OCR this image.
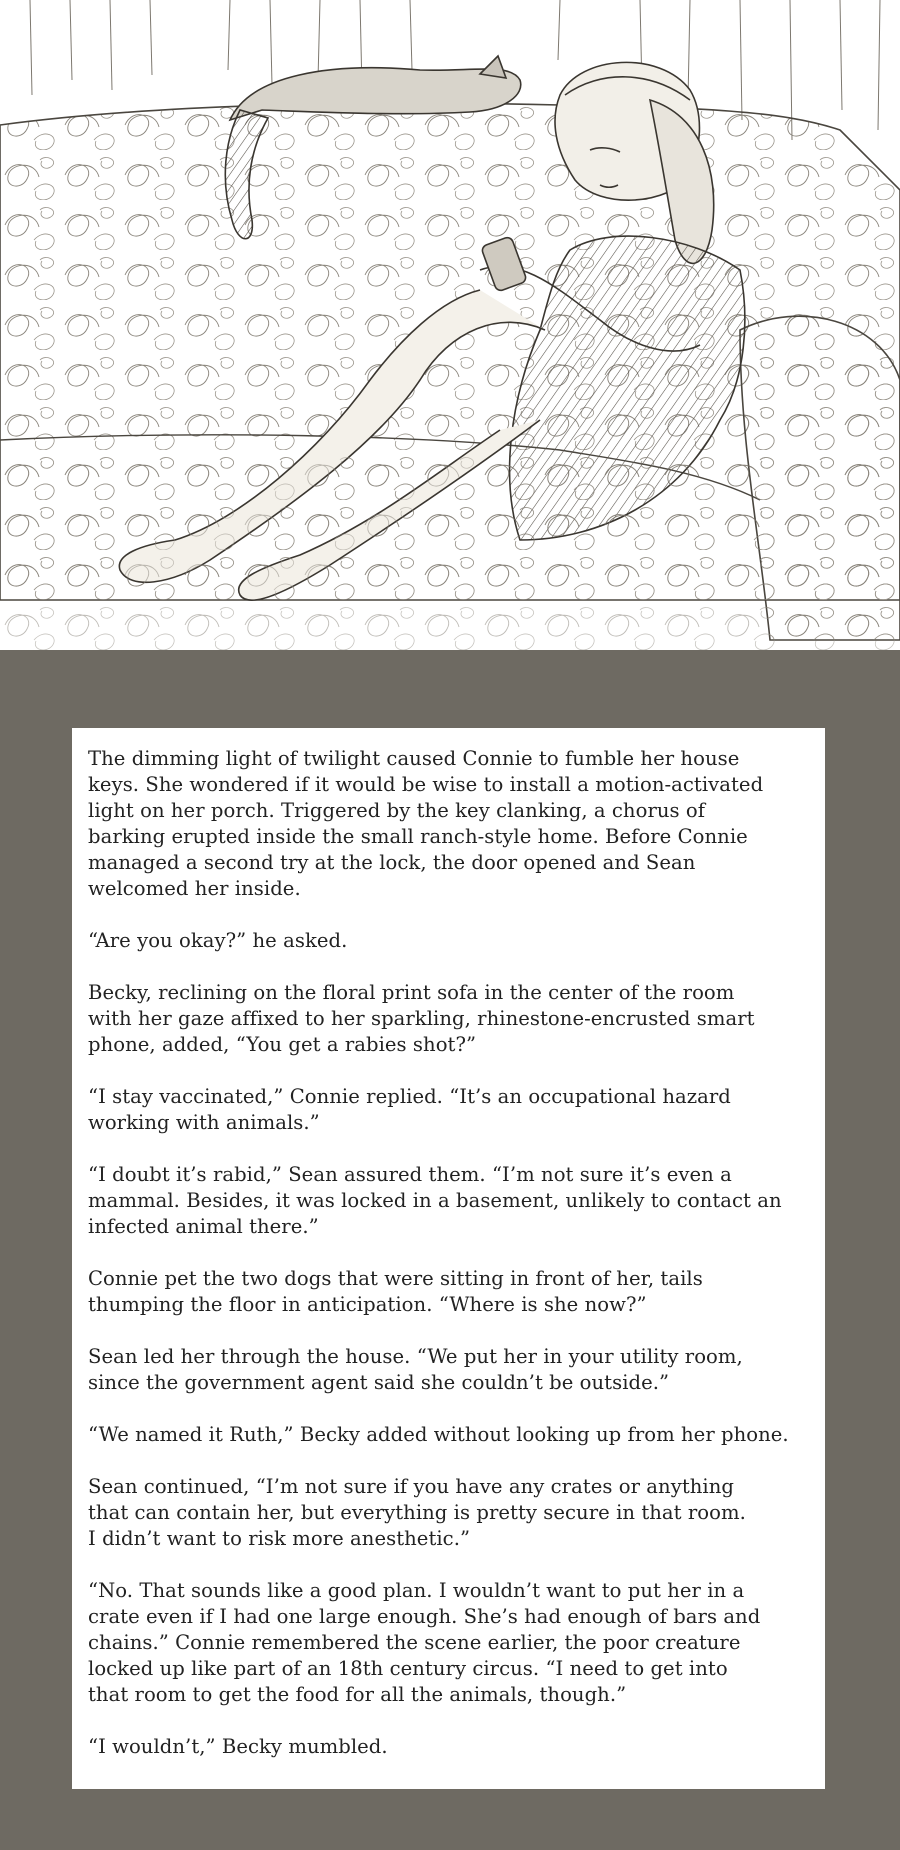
The dimming light of twilight caused Connie to fumble her house
keys. She wondered if it would be wise to install a motion-activated
light on her porch. Triggered by the key clanking, a chorus of
barking erupted inside the small ranch-style home. Before Connie
managed a second try at the lock, the door opened and Sean
welcomed her inside.

“Are you okay?” he asked.

Becky, reclining on the floral print sofa in the center of the room
with her gaze affixed to her sparkling, rhinestone-encrusted smart
phone, added, “You get a rabies shot?”

“I stay vaccinated,” Connie replied. “It’s an occupational hazard
working with animals.”

“I doubt it’s rabid,” Sean assured them. “I’m not sure it’s even a
mammal. Besides, it was locked in a basement, unlikely to contact an
infected animal there.”

Connie pet the two dogs that were sitting in front of her, tails
thumping the floor in anticipation. “Where is she now?”

Sean led her through the house. “We put her in your utility room,
since the government agent said she couldn’t be outside.”

“We named it Ruth,” Becky added without looking up from her phone.

Sean continued, “I’m not sure if you have any crates or anything
that can contain her, but everything is pretty secure in that room.
I didn’t want to risk more anesthetic.”

“No. That sounds like a good plan. I wouldn’t want to put her in a
crate even if I had one large enough. She’s had enough of bars and
chains.” Connie remembered the scene earlier, the poor creature
locked up like part of an 18th century circus. “I need to get into
that room to get the food for all the animals, though.”

“I wouldn’t,” Becky mumbled.
